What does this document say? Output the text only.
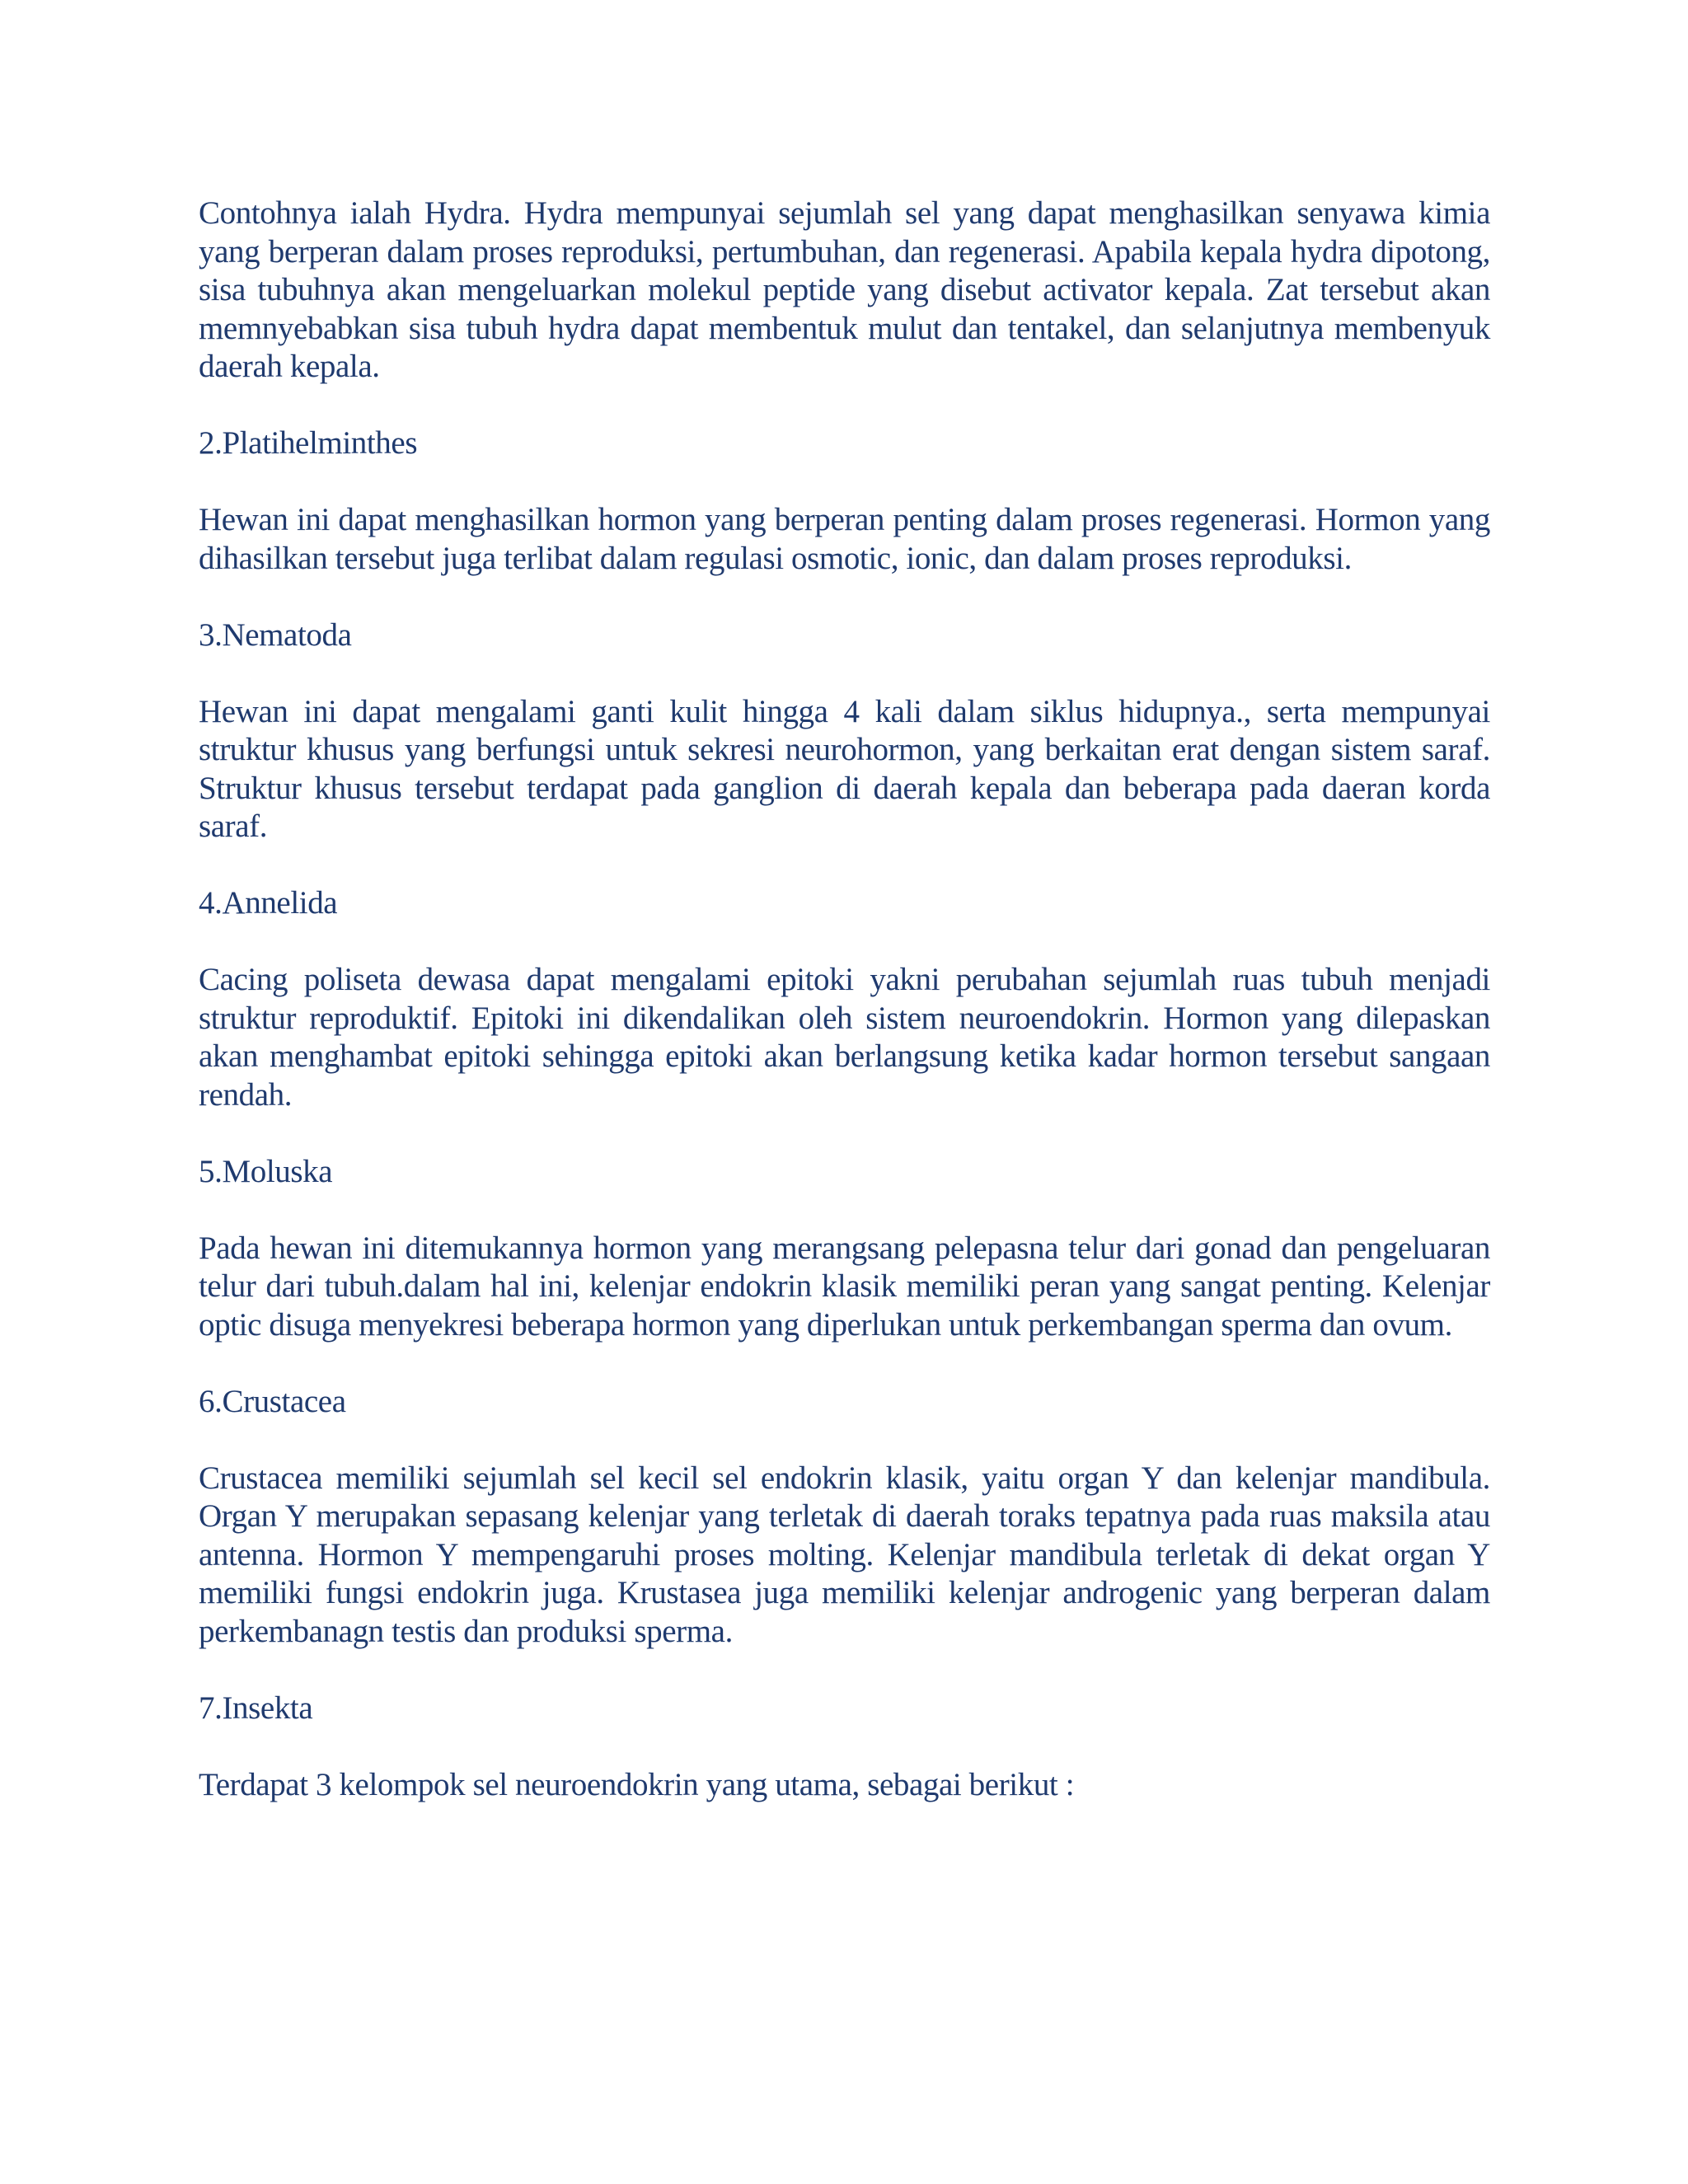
Contohnya ialah Hydra. Hydra mempunyai sejumlah sel yang dapat menghasilkan senyawa kimia yang berperan dalam proses reproduksi, pertumbuhan, dan regenerasi. Apabila kepala hydra dipotong, sisa tubuhnya akan mengeluarkan molekul peptide yang disebut activator kepala. Zat tersebut akan memnyebabkan sisa tubuh hydra dapat membentuk mulut dan tentakel, dan selanjutnya membenyuk daerah kepala.

2.Platihelminthes

Hewan ini dapat menghasilkan hormon yang berperan penting dalam proses regenerasi. Hormon yang dihasilkan tersebut juga terlibat dalam regulasi osmotic, ionic, dan dalam proses reproduksi.

3.Nematoda

Hewan ini dapat mengalami ganti kulit hingga 4 kali dalam siklus hidupnya., serta mempunyai struktur khusus yang berfungsi untuk sekresi neurohormon, yang berkaitan erat dengan sistem saraf. Struktur khusus tersebut terdapat pada ganglion di daerah kepala dan beberapa pada daeran korda saraf.

4.Annelida

Cacing poliseta dewasa dapat mengalami epitoki yakni perubahan sejumlah ruas tubuh menjadi struktur reproduktif. Epitoki ini dikendalikan oleh sistem neuroendokrin. Hormon yang dilepaskan akan menghambat epitoki sehingga epitoki akan berlangsung ketika kadar hormon tersebut sangaan rendah.

5.Moluska

Pada hewan ini ditemukannya hormon yang merangsang pelepasna telur dari gonad dan pengeluaran telur dari tubuh.dalam hal ini, kelenjar endokrin klasik memiliki peran yang sangat penting. Kelenjar optic disuga menyekresi beberapa hormon yang diperlukan untuk perkembangan sperma dan ovum.

6.Crustacea

Crustacea memiliki sejumlah sel kecil sel endokrin klasik, yaitu organ Y dan kelenjar mandibula. Organ Y merupakan sepasang kelenjar yang terletak di daerah toraks tepatnya pada ruas maksila atau antenna. Hormon Y mempengaruhi proses molting. Kelenjar mandibula terletak di dekat organ Y memiliki fungsi endokrin juga. Krustasea juga memiliki kelenjar androgenic yang berperan dalam perkembanagn testis dan produksi sperma.

7.Insekta

Terdapat 3 kelompok sel neuroendokrin yang utama, sebagai berikut :
